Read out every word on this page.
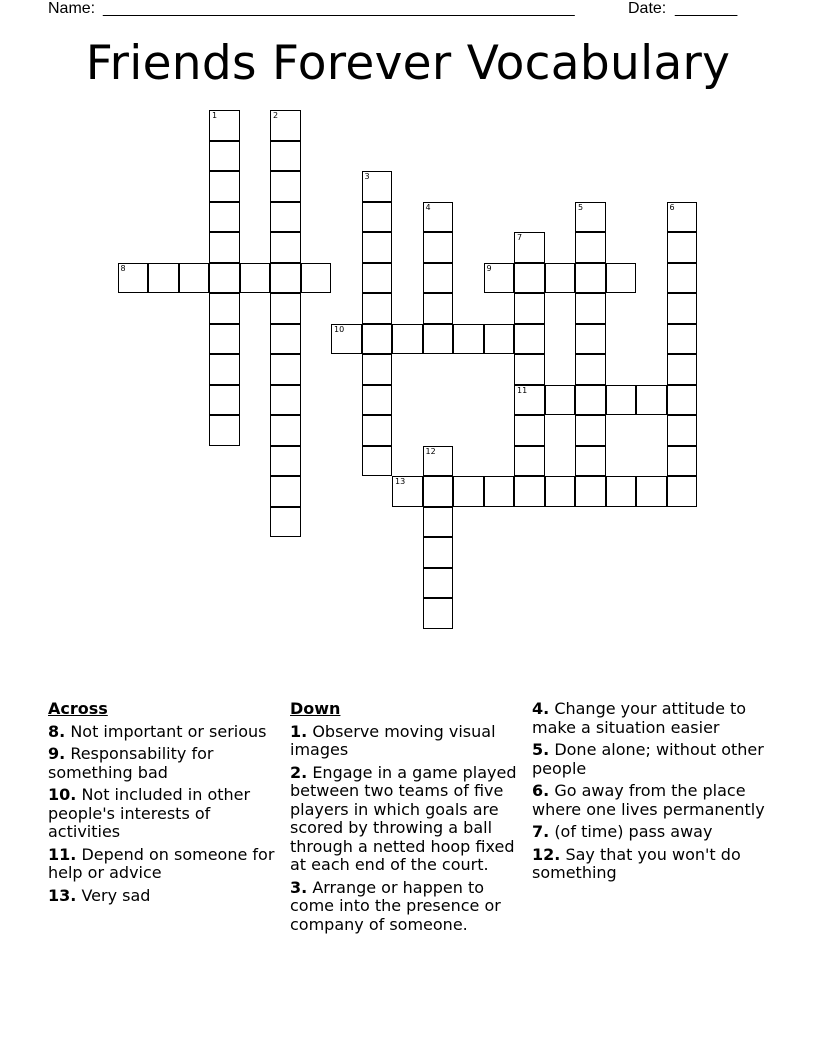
Name: _____________________________________________________	Date: _______
Friends Forever Vocabulary
1	2
3
4	5	6
7
11
8	9
10
12
13
Across
8. Not important or serious
9. Responsability for something bad
10. Not included in other people's interests of activities
11. Depend on someone for help or advice
13. Very sad
Down
1. Observe moving visual images
2. Engage in a game played between two teams of five players in which goals are scored by throwing a ball through a netted hoop fixed at each end of the court.
3. Arrange or happen to come into the presence or company of someone.
4. Change your attitude to make a situation easier
5. Done alone; without other people
6. Go away from the place where one lives permanently
7. (of time) pass away
12. Say that you won't do something
